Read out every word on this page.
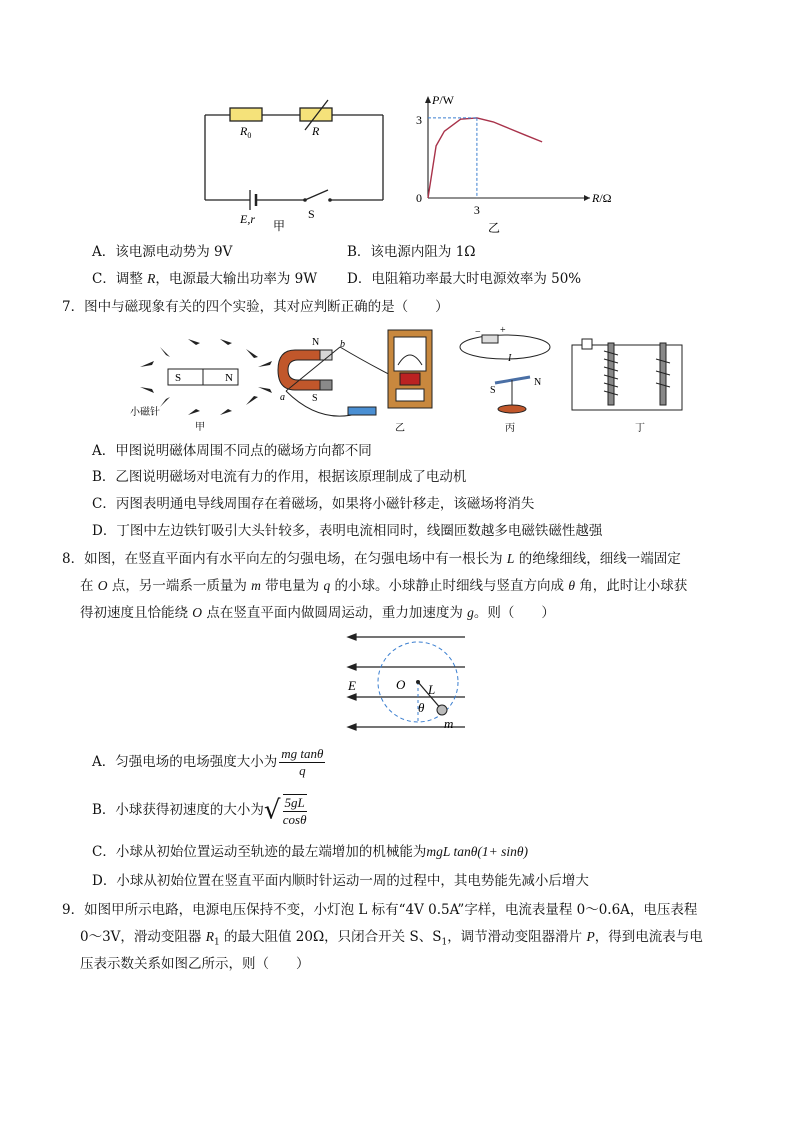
$R_0$	R
E,r	S
甲
P/W
R/Ω
3
0
3
乙
A．该电源电动势为 9V	B．该电源内阻为 1Ω
C．调整 R，电源最大输出功率为 9W D．电阻箱功率最大时电源效率为 50%
7．图中与磁现象有关的四个实验，其对应判断正确的是（　　）
S	N
小磁针
甲
N
S
b
a
乙
− +
I
S
N
丙	丁
A．甲图说明磁体周围不同点的磁场方向都不同
B．乙图说明磁场对电流有力的作用，根据该原理制成了电动机
C．丙图表明通电导线周围存在着磁场，如果将小磁针移走，该磁场将消失
D．丁图中左边铁钉吸引大头针较多，表明电流相同时，线圈匝数越多电磁铁磁性越强
8．如图，在竖直平面内有水平向左的匀强电场，在匀强电场中有一根长为 L 的绝缘细线，细线一端固定
在 O 点，另一端系一质量为 m 带电量为 q 的小球。小球静止时细线与竖直方向成 θ 角，此时让小球获
得初速度且恰能绕 O 点在竖直平面内做圆周运动，重力加速度为 g。则（　　）
E	O L
θ
m
A．匀强电场的电场强度大小为 $\frac{\text{mg tanθ}}{q}$
B．小球获得初速度的大小为√ $\frac{5gL}{\cos\theta}$
C．小球从初始位置运动至轨迹的最左端增加的机械能为mgL tanθ(1+ sinθ)
D．小球从初始位置在竖直平面内顺时针运动一周的过程中，其电势能先减小后增大
9．如图甲所示电路，电源电压保持不变，小灯泡 L 标有“4V 0.5A”字样，电流表量程 0～0.6A，电压表程
0～3V，滑动变阻器 $R_1$ 的最大阻值 20Ω，只闭合开关 S、$S_1$，调节滑动变阻器滑片 P，得到电流表与电
压表示数关系如图乙所示，则（　　）
